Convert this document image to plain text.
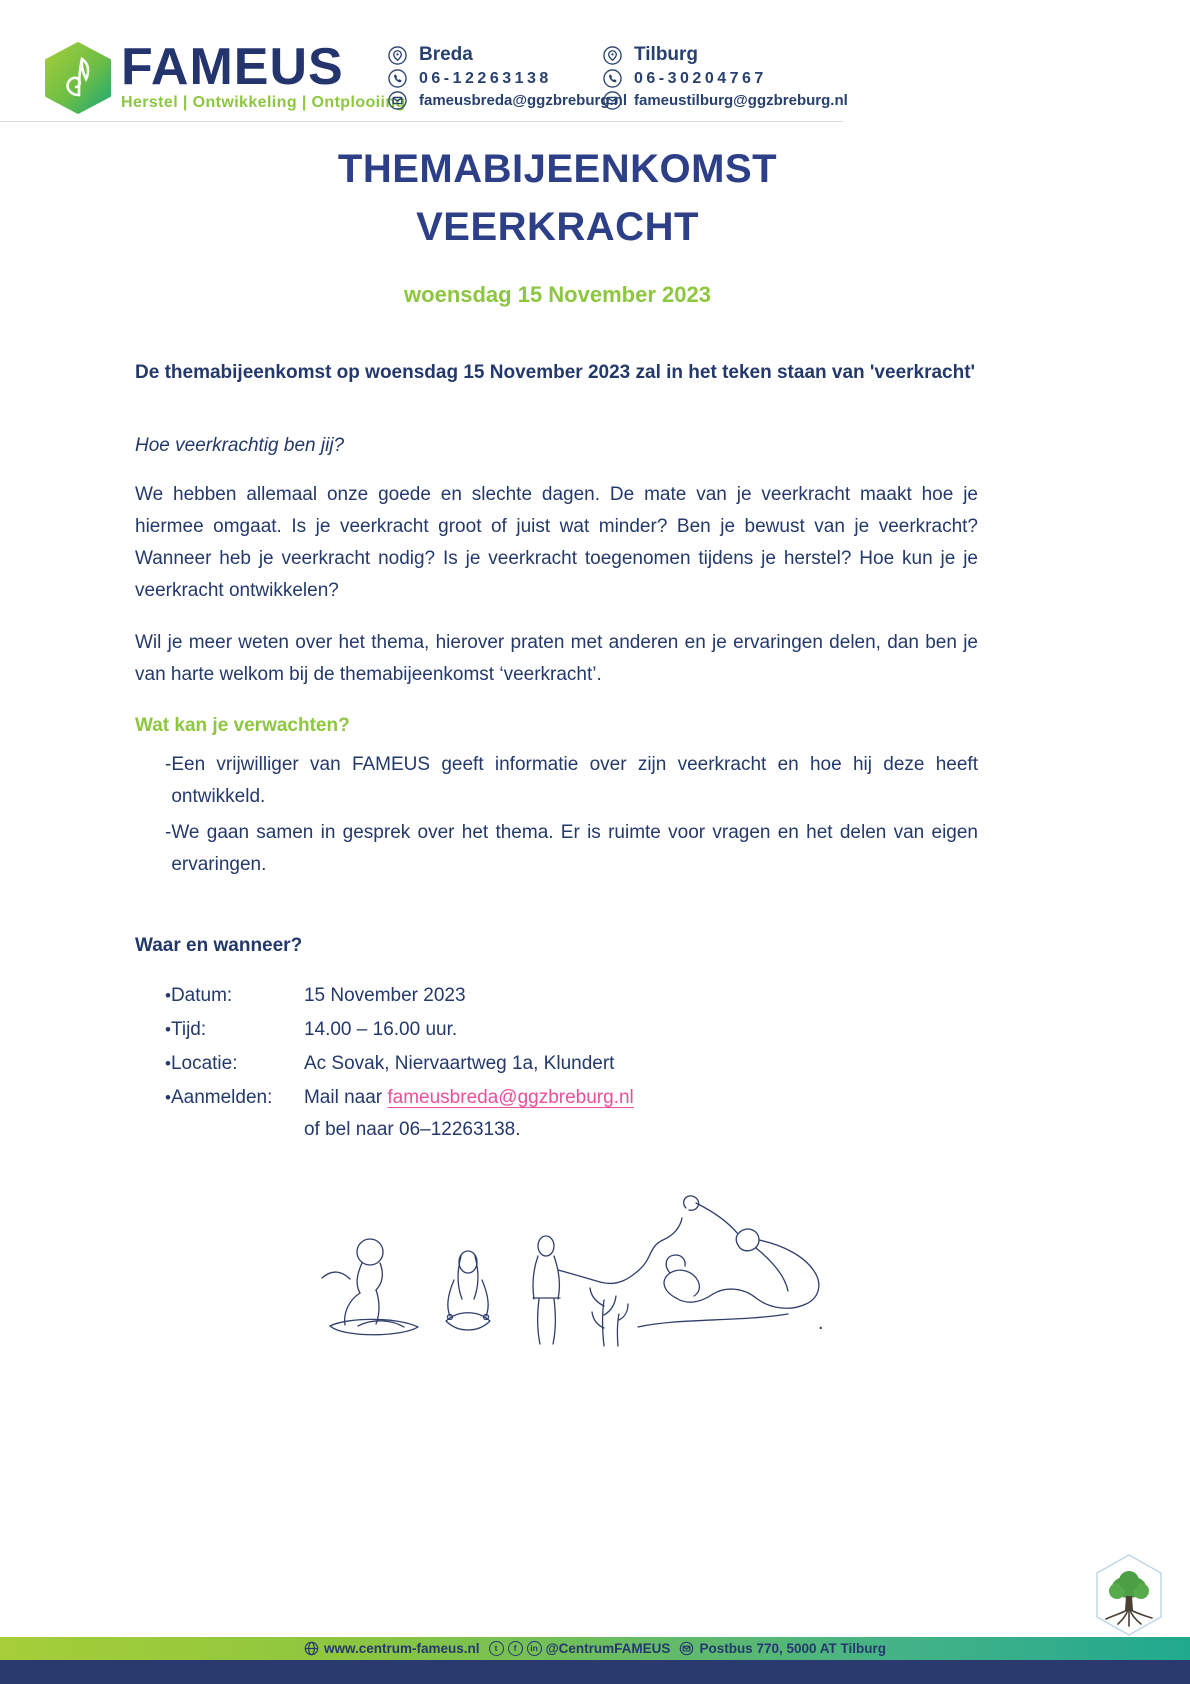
FAMEUS
Herstel | Ontwikkeling | Ontplooiing
Breda
06-12263138
fameusbreda@ggzbreburg.nl
Tilburg
06-30204767
fameustilburg@ggzbreburg.nl
THEMABIJEENKOMST
VEERKRACHT
woensdag 15 November 2023
De themabijeenkomst op woensdag 15 November 2023 zal in het teken staan van 'veerkracht'
Hoe veerkrachtig ben jij?
We hebben allemaal onze goede en slechte dagen. De mate van je veerkracht maakt hoe je hiermee omgaat. Is je veerkracht groot of juist wat minder? Ben je bewust van je veerkracht? Wanneer heb je veerkracht nodig? Is je veerkracht toegenomen tijdens je herstel? Hoe kun je je veerkracht ontwikkelen?
Wil je meer weten over het thema, hierover praten met anderen en je ervaringen delen, dan ben je van harte welkom bij de themabijeenkomst ‘veerkracht’.
Wat kan je verwachten?
- Een vrijwilliger van FAMEUS geeft informatie over zijn veerkracht en hoe hij deze heeft ontwikkeld.
- We gaan samen in gesprek over het thema. Er is ruimte voor vragen en het delen van eigen ervaringen.
Waar en wanneer?
• Datum:	15 November 2023
• Tijd:	14.00 – 16.00 uur.
• Locatie:	Ac Sovak, Niervaartweg 1a, Klundert
• Aanmelden:	Mail naar fameusbreda@ggzbreburg.nl
of bel naar 06–12263138.
.
www.centrum-fameus.nl t f in @CentrumFAMEUS Postbus 770, 5000 AT Tilburg
